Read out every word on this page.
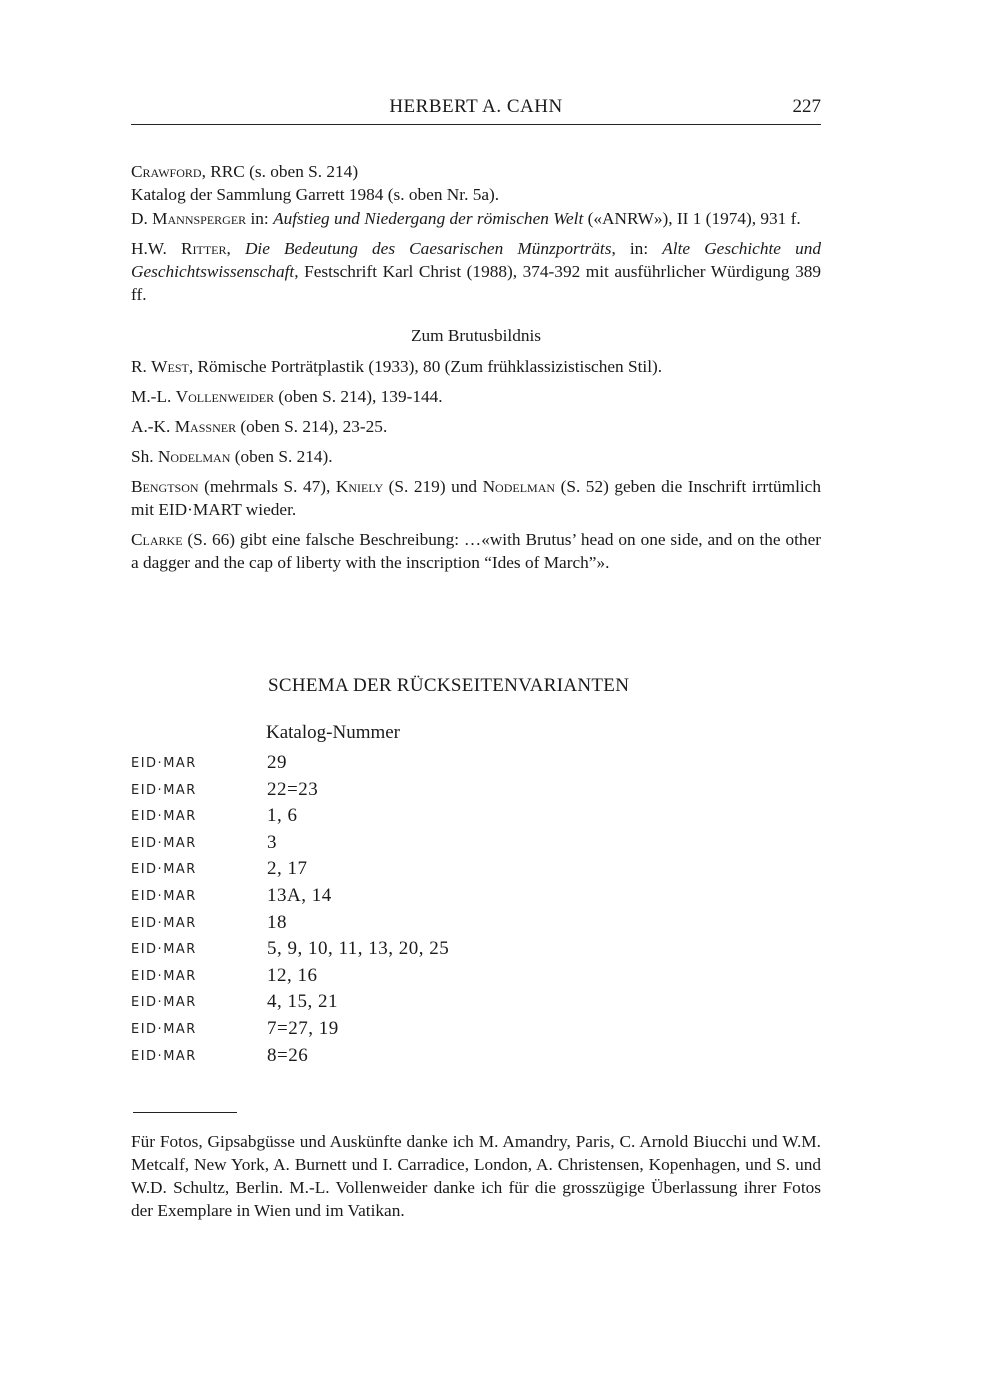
HERBERT A. CAHN	227

Crawford, RRC (s. oben S. 214)
Katalog der Sammlung Garrett 1984 (s. oben Nr. 5a).

D. Mannsperger in: Aufstieg und Niedergang der römischen Welt («ANRW»), II 1 (1974), 931 f.

H.W. Ritter, Die Bedeutung des Caesarischen Münzporträts, in: Alte Geschichte und Geschichtswissenschaft, Festschrift Karl Christ (1988), 374-392 mit ausführlicher Würdigung 389 ff.

Zum Brutusbildnis

R. West, Römische Porträtplastik (1933), 80 (Zum frühklassizistischen Stil).

M.-L. Vollenweider (oben S. 214), 139-144.

A.-K. Massner (oben S. 214), 23-25.

Sh. Nodelman (oben S. 214).

Bengtson (mehrmals S. 47), Kniely (S. 219) und Nodelman (S. 52) geben die Inschrift irrtümlich mit EID·MART wieder.

Clarke (S. 66) gibt eine falsche Beschreibung: …«with Brutus’ head on one side, and on the other a dagger and the cap of liberty with the inscription “Ides of March”».

SCHEMA DER RÜCKSEITENVARIANTEN
Katalog-Nummer
EID·MAR	29
EID·MAR	22=23
EID·MAR	1, 6
EID·MAR	3
EID·MAR	2, 17
EID·MAR	13A, 14
EID·MAR	18
EID·MAR	5, 9, 10, 11, 13, 20, 25
EID·MAR	12, 16
EID·MAR	4, 15, 21
EID·MAR	7=27, 19
EID·MAR	8=26
Für Fotos, Gipsabgüsse und Auskünfte danke ich M. Amandry, Paris, C. Arnold Biucchi und W.M. Metcalf, New York, A. Burnett und I. Carradice, London, A. Christensen, Kopenhagen, und S. und W.D. Schultz, Berlin. M.-L. Vollenweider danke ich für die grosszügige Überlassung ihrer Fotos der Exemplare in Wien und im Vatikan.
